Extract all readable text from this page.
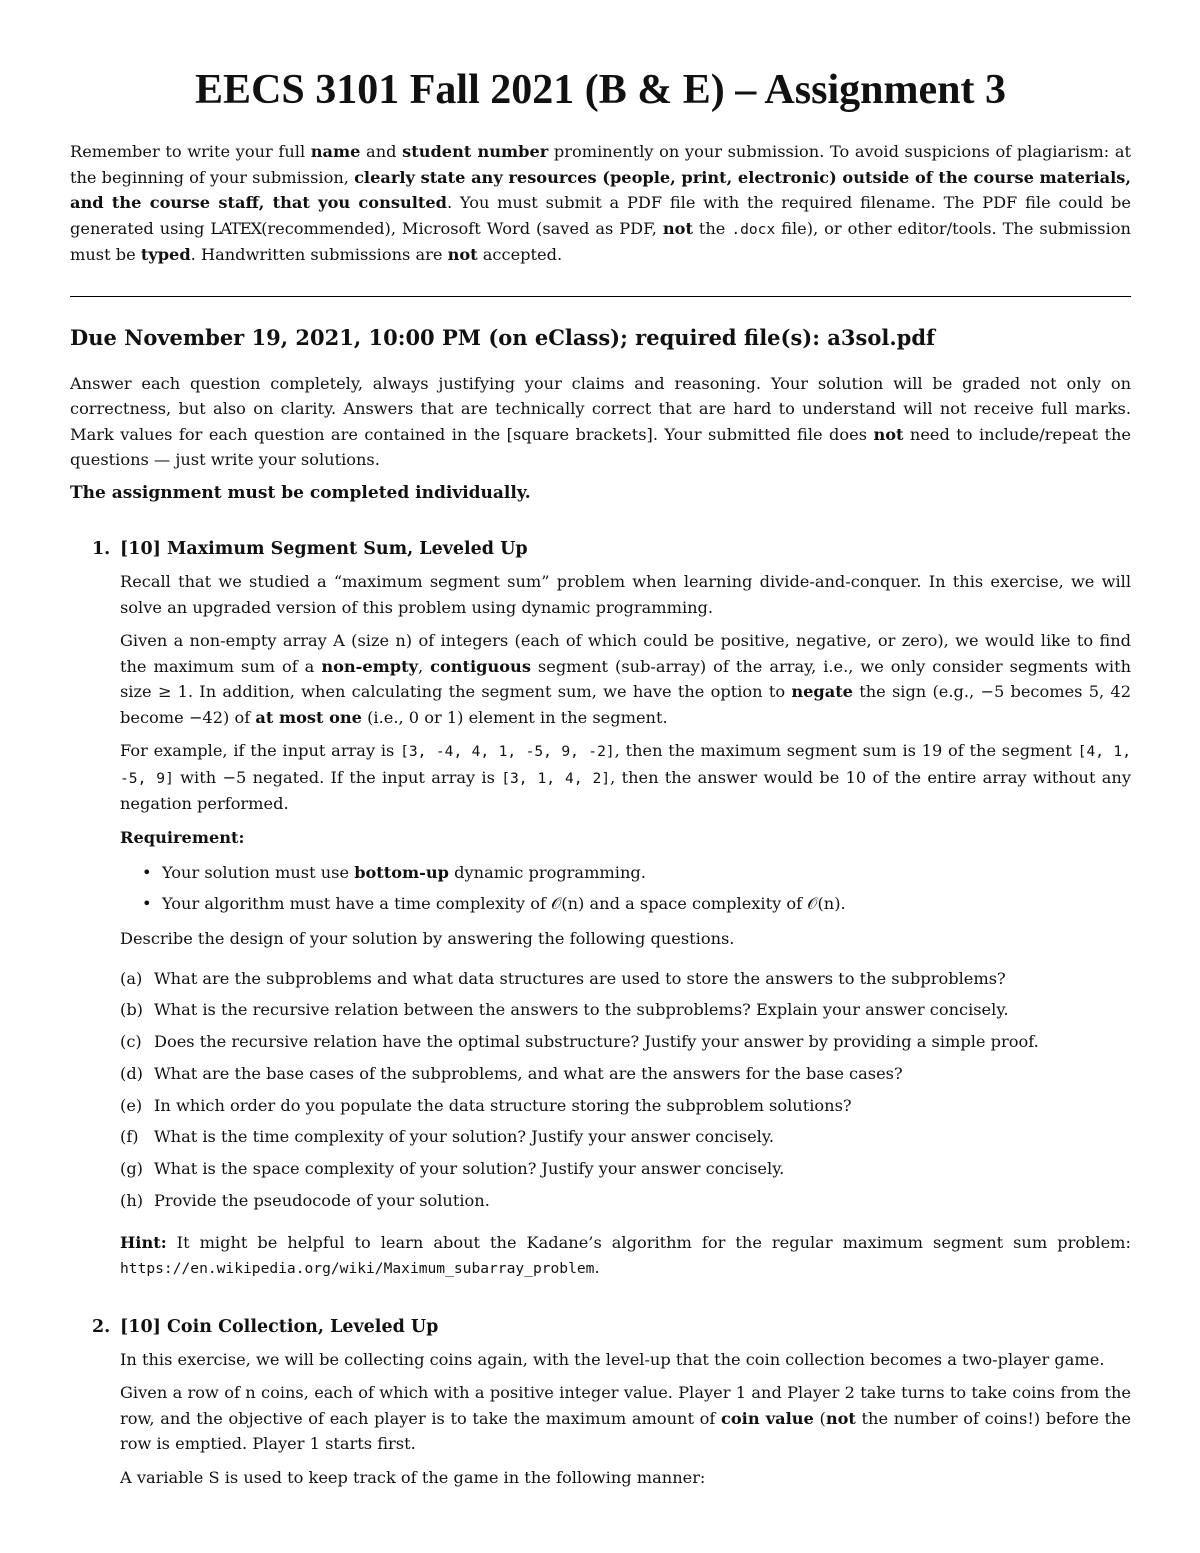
EECS 3101 Fall 2021 (B & E) – Assignment 3

Remember to write your full name and student number prominently on your submission. To avoid suspicions of plagiarism: at the beginning of your submission, clearly state any resources (people, print, electronic) outside of the course materials, and the course staff, that you consulted. You must submit a PDF file with the required filename. The PDF file could be generated using LATEX(recommended), Microsoft Word (saved as PDF, not the .docx file), or other editor/tools. The submission must be typed. Handwritten submissions are not accepted.

Due November 19, 2021, 10:00 PM (on eClass); required file(s): a3sol.pdf

Answer each question completely, always justifying your claims and reasoning. Your solution will be graded not only on correctness, but also on clarity. Answers that are technically correct that are hard to understand will not receive full marks. Mark values for each question are contained in the [square brackets]. Your submitted file does not need to include/repeat the questions — just write your solutions.

The assignment must be completed individually.

1. [10] Maximum Segment Sum, Leveled Up

Recall that we studied a “maximum segment sum” problem when learning divide-and-conquer. In this exercise, we will solve an upgraded version of this problem using dynamic programming.

Given a non-empty array A (size n) of integers (each of which could be positive, negative, or zero), we would like to find the maximum sum of a non-empty, contiguous segment (sub-array) of the array, i.e., we only consider segments with size ≥ 1. In addition, when calculating the segment sum, we have the option to negate the sign (e.g., −5 becomes 5, 42 become −42) of at most one (i.e., 0 or 1) element in the segment.

For example, if the input array is [3, -4, 4, 1, -5, 9, -2], then the maximum segment sum is 19 of the segment [4, 1, -5, 9] with −5 negated. If the input array is [3, 1, 4, 2], then the answer would be 10 of the entire array without any negation performed.

Requirement:

• Your solution must use bottom-up dynamic programming.
• Your algorithm must have a time complexity of 𝒪(n) and a space complexity of 𝒪(n).

Describe the design of your solution by answering the following questions.

(a) What are the subproblems and what data structures are used to store the answers to the subproblems?
(b) What is the recursive relation between the answers to the subproblems? Explain your answer concisely.
(c) Does the recursive relation have the optimal substructure? Justify your answer by providing a simple proof.
(d) What are the base cases of the subproblems, and what are the answers for the base cases?
(e) In which order do you populate the data structure storing the subproblem solutions?
(f) What is the time complexity of your solution? Justify your answer concisely.
(g) What is the space complexity of your solution? Justify your answer concisely.
(h) Provide the pseudocode of your solution.

Hint: It might be helpful to learn about the Kadane’s algorithm for the regular maximum segment sum problem: https://en.wikipedia.org/wiki/Maximum_subarray_problem.

2. [10] Coin Collection, Leveled Up

In this exercise, we will be collecting coins again, with the level-up that the coin collection becomes a two-player game.

Given a row of n coins, each of which with a positive integer value. Player 1 and Player 2 take turns to take coins from the row, and the objective of each player is to take the maximum amount of coin value (not the number of coins!) before the row is emptied. Player 1 starts first.

A variable S is used to keep track of the game in the following manner:
